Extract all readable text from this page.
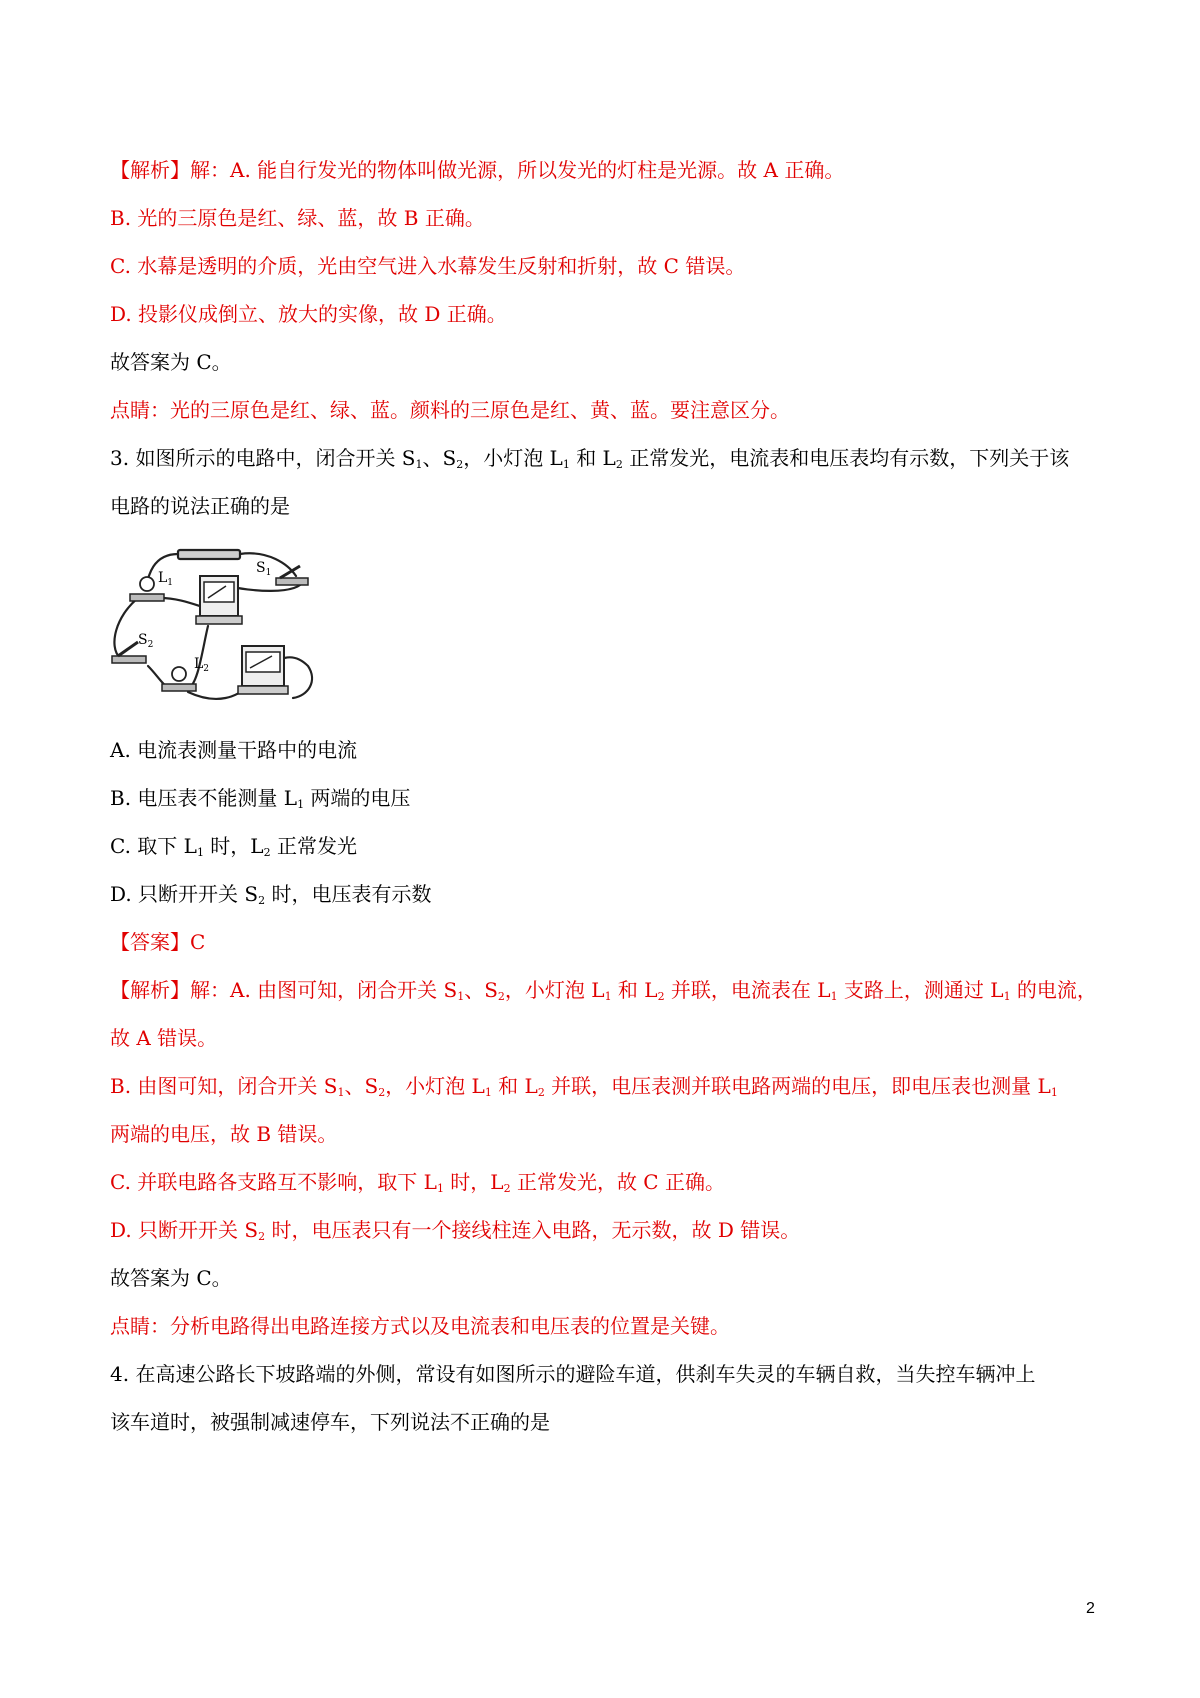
【解析】解：A. 能自行发光的物体叫做光源，所以发光的灯柱是光源。故 A 正确。
B. 光的三原色是红、绿、蓝，故 B 正确。
C. 水幕是透明的介质，光由空气进入水幕发生反射和折射，故 C 错误。
D. 投影仪成倒立、放大的实像，故 D 正确。
故答案为 C。
点睛：光的三原色是红、绿、蓝。颜料的三原色是红、黄、蓝。要注意区分。
3. 如图所示的电路中，闭合开关 $S_1$、$S_2$，小灯泡 $L_1$ 和 $L_2$ 正常发光，电流表和电压表均有示数，下列关于该
电路的说法正确的是
$S_1$
$L_1$
$S_2$
$L_2$
A. 电流表测量干路中的电流
B. 电压表不能测量 $L_1$ 两端的电压
C. 取下 $L_1$ 时，$L_2$ 正常发光
D. 只断开开关 $S_2$ 时，电压表有示数
【答案】C
【解析】解：A. 由图可知，闭合开关 $S_1$、$S_2$，小灯泡 $L_1$ 和 $L_2$ 并联，电流表在 $L_1$ 支路上，测通过 $L_1$ 的电流，
故 A 错误。
B. 由图可知，闭合开关 $S_1$、$S_2$，小灯泡 $L_1$ 和 $L_2$ 并联，电压表测并联电路两端的电压，即电压表也测量 $L_1$
两端的电压，故 B 错误。
C. 并联电路各支路互不影响，取下 $L_1$ 时，$L_2$ 正常发光，故 C 正确。
D. 只断开开关 $S_2$ 时，电压表只有一个接线柱连入电路，无示数，故 D 错误。
故答案为 C。
点睛：分析电路得出电路连接方式以及电流表和电压表的位置是关键。
4. 在高速公路长下坡路端的外侧，常设有如图所示的避险车道，供刹车失灵的车辆自救，当失控车辆冲上
该车道时，被强制减速停车，下列说法不正确的是
2
